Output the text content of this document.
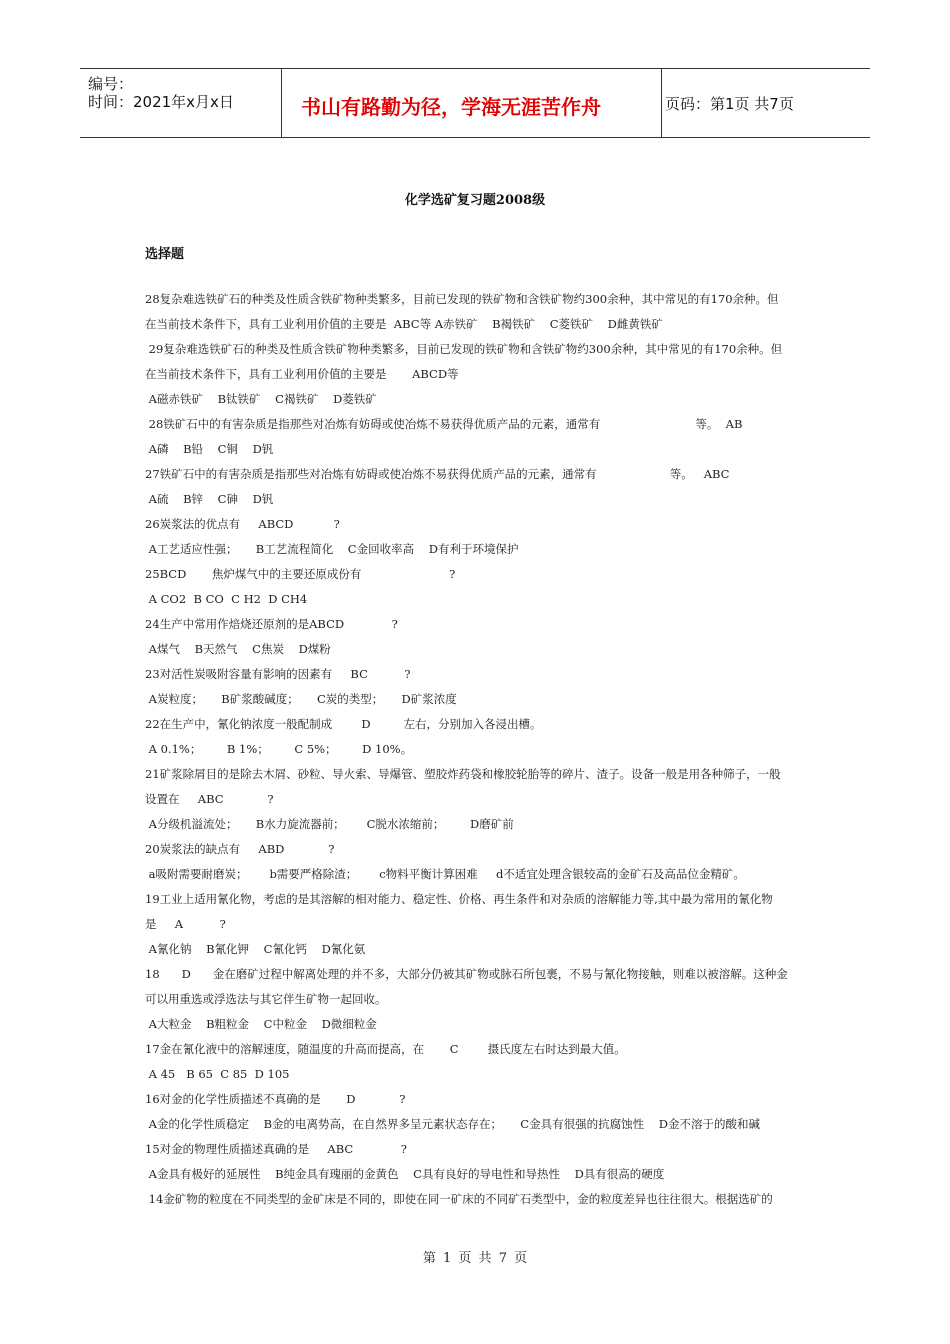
编号：
时间：2021年x月x日	书山有路勤为径，学海无涯苦作舟	页码：第1页 共7页
化学选矿复习题2008级
选择题
28复杂难选铁矿石的种类及性质含铁矿物种类繁多，目前已发现的铁矿物和含铁矿物约300余种，其中常见的有170余种。但
在当前技术条件下，具有工业利用价值的主要是  ABC等 A赤铁矿    B褐铁矿    C菱铁矿    D雌黄铁矿
29复杂难选铁矿石的种类及性质含铁矿物种类繁多，目前已发现的铁矿物和含铁矿物约300余种，其中常见的有170余种。但
在当前技术条件下，具有工业利用价值的主要是       ABCD等
A磁赤铁矿    B钛铁矿    C褐铁矿    D菱铁矿
28铁矿石中的有害杂质是指那些对冶炼有妨碍或使冶炼不易获得优质产品的元素，通常有                          等。  AB
A磷    B铅    C铜    D钒
27铁矿石中的有害杂质是指那些对冶炼有妨碍或使冶炼不易获得优质产品的元素，通常有                    等。   ABC
A硫    B锌    C砷    D钒
26炭浆法的优点有     ABCD           ?
A工艺适应性强；     B工艺流程简化    C金回收率高    D有利于环境保护
25BCD       焦炉煤气中的主要还原成份有                        ?
A CO2  B CO  C H2  D CH4
24生产中常用作焙烧还原剂的是ABCD             ?
A煤气    B天然气    C焦炭    D煤粉
23对活性炭吸附容量有影响的因素有     BC          ?
A炭粒度；     B矿浆酸碱度；     C炭的类型；     D矿浆浓度
22在生产中，氰化钠浓度一般配制成        D         左右，分别加入各浸出槽。
A 0.1%；       B 1%；       C 5%；       D 10%。
21矿浆除屑目的是除去木屑、砂粒、导火索、导爆管、塑胶炸药袋和橡胶轮胎等的碎片、渣子。设备一般是用各种筛子，一般
设置在     ABC            ?
A分级机溢流处；     B水力旋流器前；      C脱水浓缩前；       D磨矿前
20炭浆法的缺点有     ABD            ?
a吸附需要耐磨炭；      b需要严格除渣；      c物料平衡计算困难     d不适宜处理含银较高的金矿石及高品位金精矿。
19工业上适用氰化物，考虑的是其溶解的相对能力、稳定性、价格、再生条件和对杂质的溶解能力等,其中最为常用的氰化物
是     A          ?
A氰化钠    B氰化钾    C氰化钙    D氰化氨
18      D      金在磨矿过程中解离处理的并不多，大部分仍被其矿物或脉石所包裹，不易与氰化物接触，则难以被溶解。这种金
可以用重选或浮选法与其它伴生矿物一起回收。
A大粒金    B粗粒金    C中粒金    D微细粒金
17金在氰化液中的溶解速度，随温度的升高而提高，在       C        摄氏度左右时达到最大值。
A 45   B 65  C 85  D 105
16对金的化学性质描述不真确的是       D            ?
A金的化学性质稳定    B金的电离势高，在自然界多呈元素状态存在；     C金具有很强的抗腐蚀性    D金不溶于的酸和碱
15对金的物理性质描述真确的是     ABC             ?
A金具有极好的延展性    B纯金具有瑰丽的金黄色    C具有良好的导电性和导热性    D具有很高的硬度
14金矿物的粒度在不同类型的金矿床是不同的，即使在同一矿床的不同矿石类型中，金的粒度差异也往往很大。根据选矿的
第 1 页 共 7 页
